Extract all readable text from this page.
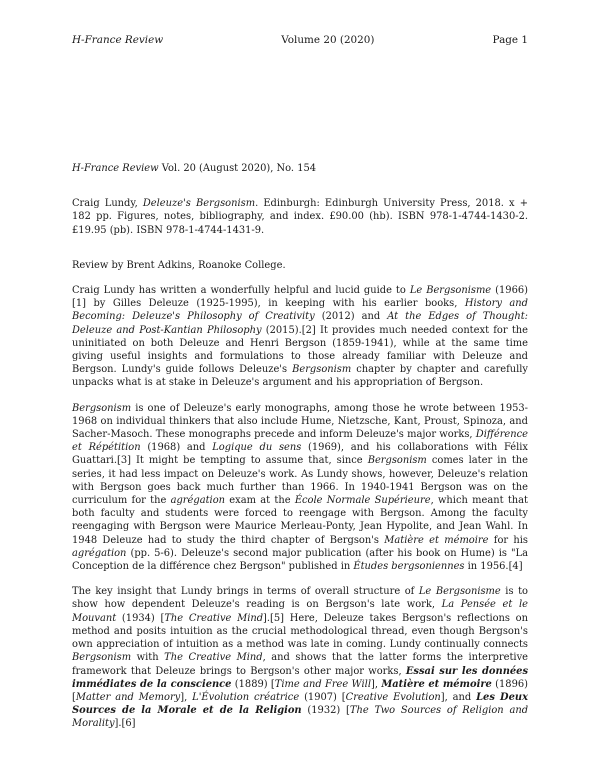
H-France Review	Volume 20 (2020)	Page 1

H-France Review Vol. 20 (August 2020), No. 154

Craig Lundy, Deleuze's Bergsonism. Edinburgh: Edinburgh University Press, 2018. x + 182 pp. Figures, notes, bibliography, and index. £90.00 (hb). ISBN 978-1-4744-1430-2. £19.95 (pb). ISBN 978-1-4744-1431-9.

Review by Brent Adkins, Roanoke College.

Craig Lundy has written a wonderfully helpful and lucid guide to Le Bergsonisme (1966)[1] by Gilles Deleuze (1925-1995), in keeping with his earlier books, History and Becoming: Deleuze's Philosophy of Creativity (2012) and At the Edges of Thought: Deleuze and Post-Kantian Philosophy (2015).[2] It provides much needed context for the uninitiated on both Deleuze and Henri Bergson (1859-1941), while at the same time giving useful insights and formulations to those already familiar with Deleuze and Bergson. Lundy's guide follows Deleuze's Bergsonism chapter by chapter and carefully unpacks what is at stake in Deleuze's argument and his appropriation of Bergson.

Bergsonism is one of Deleuze's early monographs, among those he wrote between 1953-1968 on individual thinkers that also include Hume, Nietzsche, Kant, Proust, Spinoza, and Sacher-Masoch. These monographs precede and inform Deleuze's major works, Différence et Répétition (1968) and Logique du sens (1969), and his collaborations with Félix Guattari.[3] It might be tempting to assume that, since Bergsonism comes later in the series, it had less impact on Deleuze's work. As Lundy shows, however, Deleuze's relation with Bergson goes back much further than 1966. In 1940-1941 Bergson was on the curriculum for the agrégation exam at the École Normale Supérieure, which meant that both faculty and students were forced to reengage with Bergson. Among the faculty reengaging with Bergson were Maurice Merleau-Ponty, Jean Hypolite, and Jean Wahl. In 1948 Deleuze had to study the third chapter of Bergson's Matière et mémoire for his agrégation (pp. 5-6). Deleuze's second major publication (after his book on Hume) is "La Conception de la différence chez Bergson" published in Études bergsoniennes in 1956.[4]

The key insight that Lundy brings in terms of overall structure of Le Bergsonisme is to show how dependent Deleuze's reading is on Bergson's late work, La Pensée et le Mouvant (1934) [The Creative Mind].[5] Here, Deleuze takes Bergson's reflections on method and posits intuition as the crucial methodological thread, even though Bergson's own appreciation of intuition as a method was late in coming. Lundy continually connects Bergsonism with The Creative Mind, and shows that the latter forms the interpretive framework that Deleuze brings to Bergson's other major works, Essai sur les données immédiates de la conscience (1889) [Time and Free Will], Matière et mémoire (1896) [Matter and Memory], L'Évolution créatrice (1907) [Creative Evolution], and Les Deux Sources de la Morale et de la Religion (1932) [The Two Sources of Religion and Morality].[6]
